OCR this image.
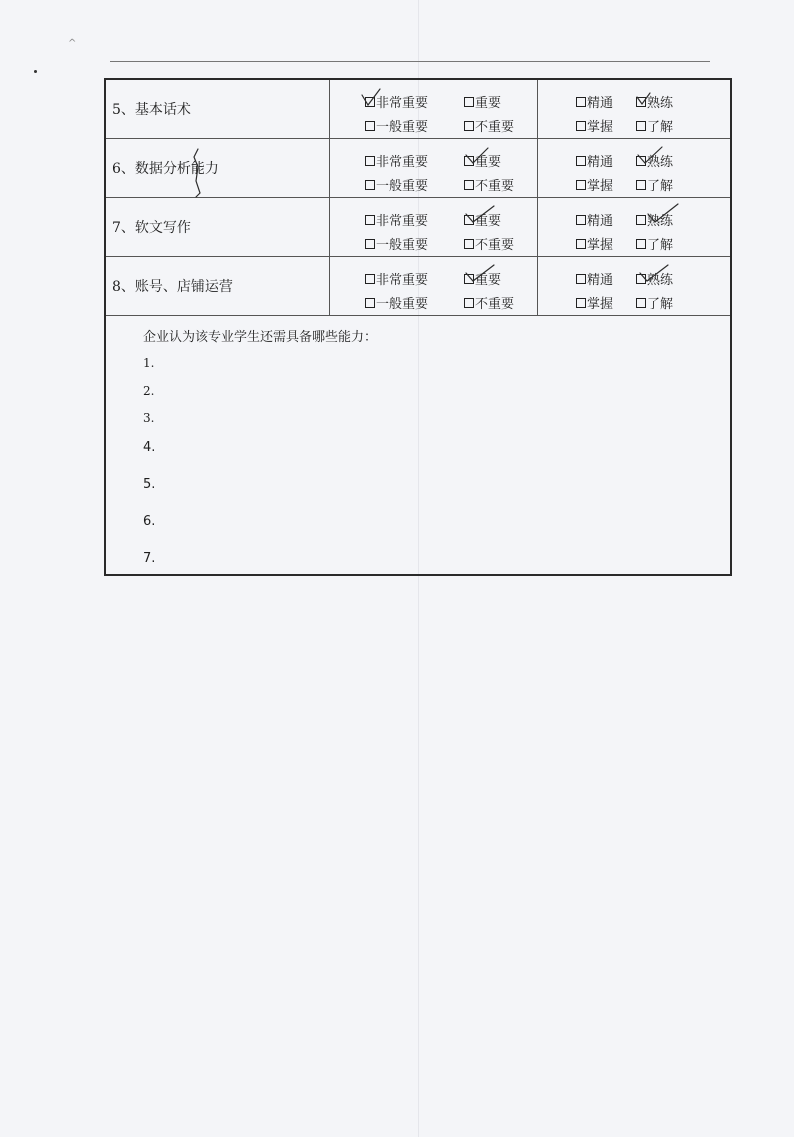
^
5、基本话术	非常重要	重要
一般重要	不重要
精通	熟练
掌握	了解
6、数据分析能力	非常重要	重要
一般重要	不重要
精通	熟练
掌握	了解
7、软文写作	非常重要	重要
一般重要	不重要
精通	熟练
掌握	了解
8、账号、店铺运营	非常重要	重要
一般重要	不重要
精通	熟练
掌握	了解
企业认为该专业学生还需具备哪些能力：
1.
2.
3.
4.
5.
6.
7.
